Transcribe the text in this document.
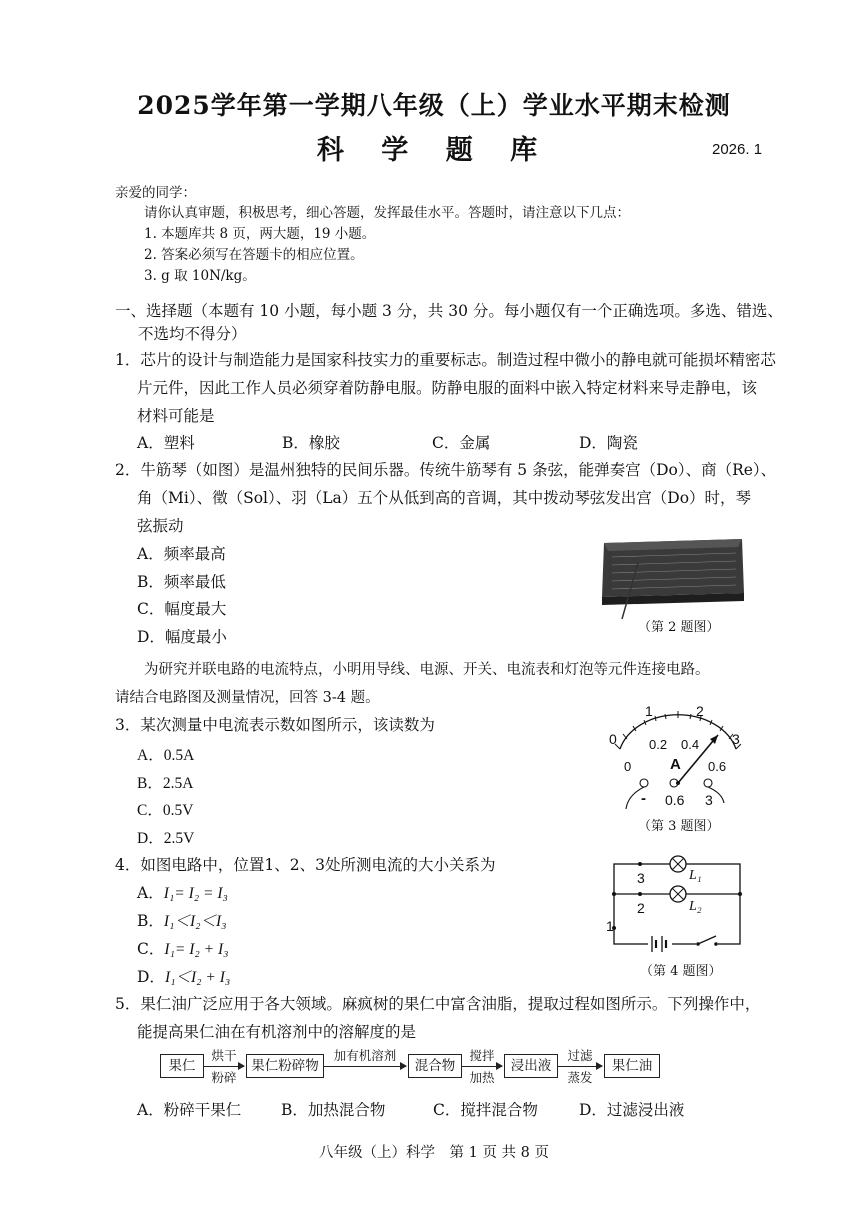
2025学年第一学期八年级（上）学业水平期末检测
科 学 题 库	2026. 1
亲爱的同学：
请你认真审题，积极思考，细心答题，发挥最佳水平。答题时，请注意以下几点：
1. 本题库共 8 页，两大题，19 小题。
2. 答案必须写在答题卡的相应位置。
3. g 取 10N/kg。
一、选择题（本题有 10 小题，每小题 3 分，共 30 分。每小题仅有一个正确选项。多选、错选、
不选均不得分）
1．芯片的设计与制造能力是国家科技实力的重要标志。制造过程中微小的静电就可能损坏精密芯
片元件，因此工作人员必须穿着防静电服。防静电服的面料中嵌入特定材料来导走静电，该
材料可能是
A．塑料	B．橡胶	C．金属	D．陶瓷
2．牛筋琴（如图）是温州独特的民间乐器。传统牛筋琴有 5 条弦，能弹奏宫（Do）、商（Re）、
角（Mi）、徵（Sol）、羽（La）五个从低到高的音调，其中拨动琴弦发出宫（Do）时，琴
弦振动
A．频率最高
B．频率最低
C．幅度最大
D．幅度最小
（第 2 题图）
为研究并联电路的电流特点，小明用导线、电源、开关、电流表和灯泡等元件连接电路。
请结合电路图及测量情况，回答 3-4 题。
3．某次测量中电流表示数如图所示，该读数为
A．0.5A
B．2.5A
C．0.5V
D．2.5V
0
1	2
3
0
0.2 0.4
0.6
A
- 0.6 3
（第 3 题图）
4．如图电路中，位置1、2、3处所测电流的大小关系为
A．I₁= I₂ = I₃
B．I₁＜I₂＜I₃
C．I₁= I₂ + I₃
D．I₁＜I₂ + I₃
3
2
1
L₁
L₂
（第 4 题图）
5．果仁油广泛应用于各大领域。麻疯树的果仁中富含油脂，提取过程如图所示。下列操作中，
能提高果仁油在有机溶剂中的溶解度的是
果仁
烘干
粉碎
果仁粉碎物
加有机溶剂
混合物
搅拌
加热
浸出液
过滤
蒸发
果仁油
A．粉碎干果仁	B．加热混合物	C．搅拌混合物	D．过滤浸出液
八年级（上）科学　第 1 页 共 8 页
